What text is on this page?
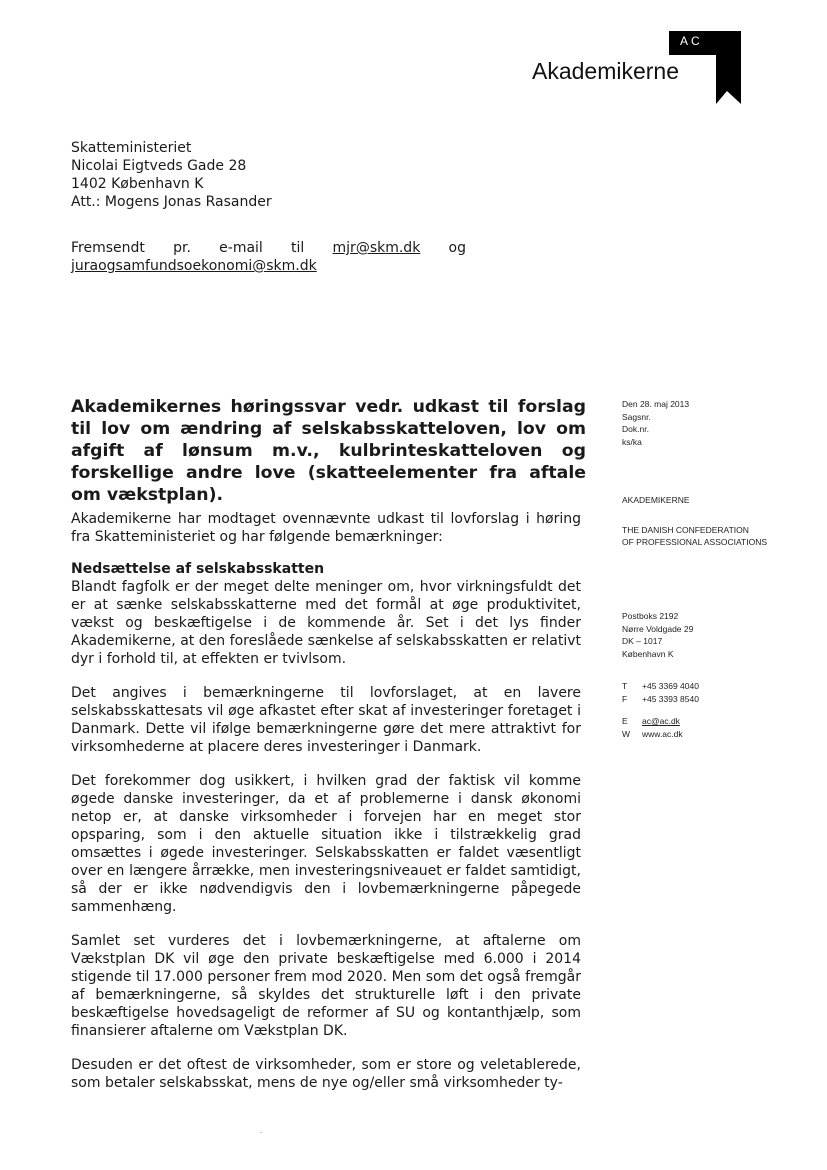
AC
Akademikerne
Skatteministeriet
Nicolai Eigtveds Gade 28
1402 København K
Att.: Mogens Jonas Rasander
Fremsendt pr. e-mail til mjr@skm.dk og juraogsamfundsoekonomi@skm.dk
Akademikernes høringssvar vedr. udkast til forslag til lov om ændring af selskabsskatteloven, lov om afgift af lønsum m.v., kulbrinteskatteloven og forskellige andre love (skatteelementer fra aftale om vækstplan).
Den 28. maj 2013
Sagsnr.
Dok.nr.
ks/ka
AKADEMIKERNE
THE DANISH CONFEDERATION
OF PROFESSIONAL ASSOCIATIONS
Postboks 2192
Nørre Voldgade 29
DK – 1017
København K
T +45 3369 4040
F +45 3393 8540
E ac@ac.dk
W www.ac.dk

Akademikerne har modtaget ovennævnte udkast til lovforslag i høring fra Skatteministeriet og har følgende bemærkninger:

Nedsættelse af selskabsskatten

Blandt fagfolk er der meget delte meninger om, hvor virkningsfuldt det er at sænke selskabsskatterne med det formål at øge produktivitet, vækst og beskæftigelse i de kommende år. Set i det lys finder Akademikerne, at den foreslåede sænkelse af selskabsskatten er relativt dyr i forhold til, at effekten er tvivlsom.

Det angives i bemærkningerne til lovforslaget, at en lavere selskabsskattesats vil øge afkastet efter skat af investeringer foretaget i Danmark. Dette vil ifølge bemærkningerne gøre det mere attraktivt for virksomhederne at placere deres investeringer i Danmark.

Det forekommer dog usikkert, i hvilken grad der faktisk vil komme øgede danske investeringer, da et af problemerne i dansk økonomi netop er, at danske virksomheder i forvejen har en meget stor opsparing, som i den aktuelle situation ikke i tilstrækkelig grad omsættes i øgede investeringer. Selskabsskatten er faldet væsentligt over en længere årrække, men investeringsniveauet er faldet samtidigt, så der er ikke nødvendigvis den i lovbemærkningerne påpegede sammenhæng.

Samlet set vurderes det i lovbemærkningerne, at aftalerne om Vækstplan DK vil øge den private beskæftigelse med 6.000 i 2014 stigende til 17.000 personer frem mod 2020. Men som det også fremgår af bemærkningerne, så skyldes det strukturelle løft i den private beskæftigelse hovedsageligt de reformer af SU og kontanthjælp, som finansierer aftalerne om Vækstplan DK.

Desuden er det oftest de virksomheder, som er store og veletablerede, som betaler selskabsskat, mens de nye og/eller små virksomheder ty-
